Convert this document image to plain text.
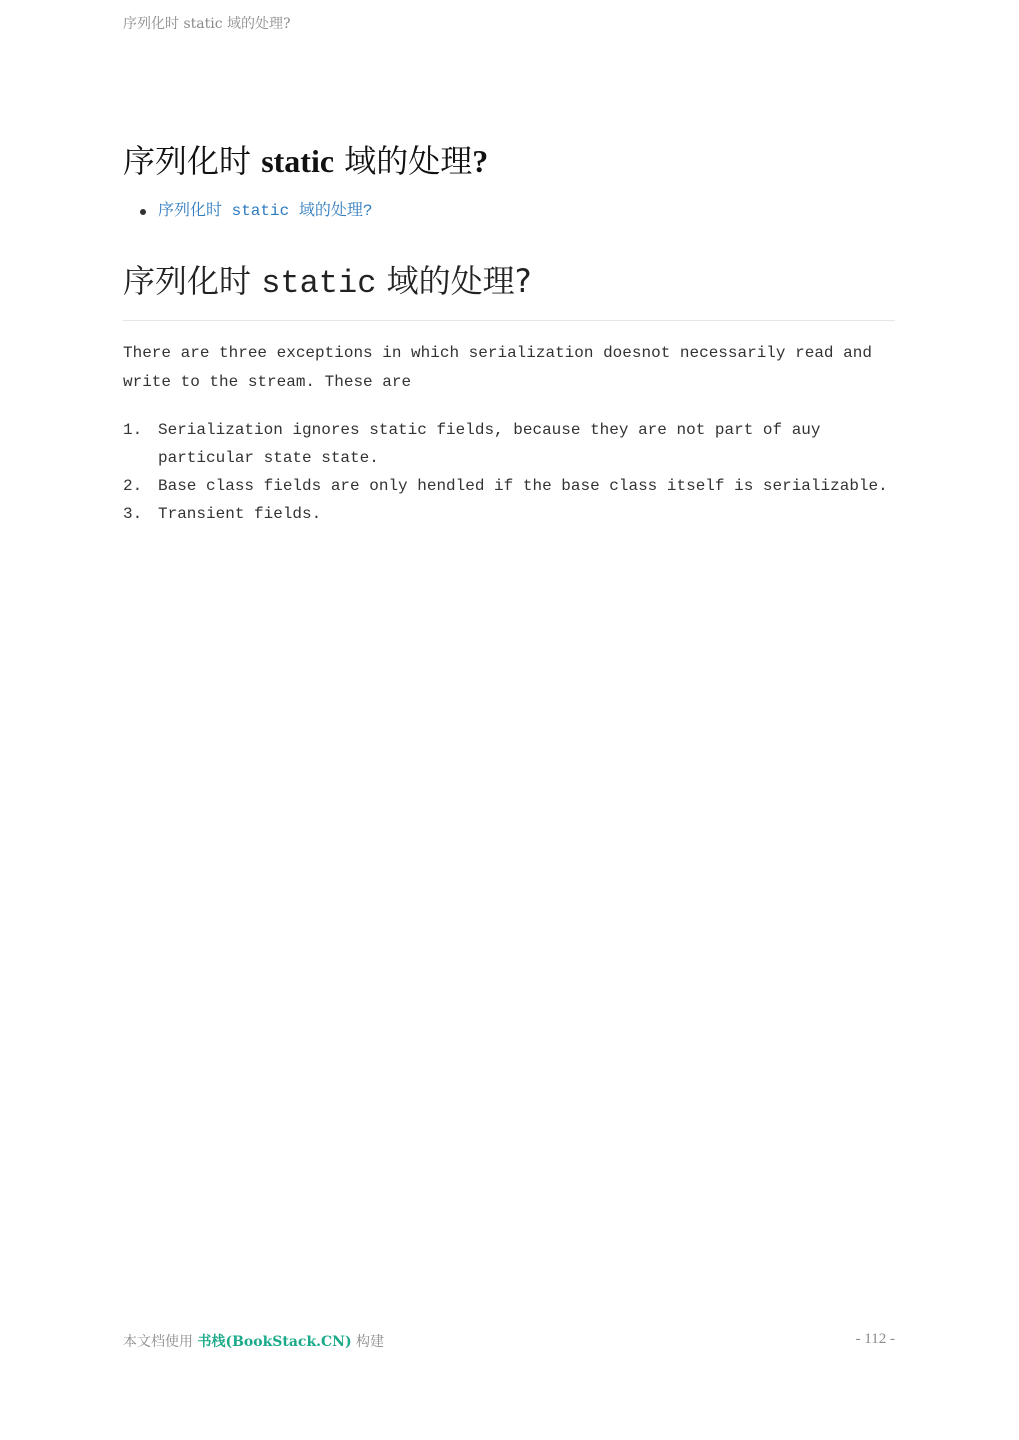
序列化时 static 域的处理?
序列化时 static 域的处理?
序列化时 static 域的处理?
序列化时 static 域的处理?

There are three exceptions in which serialization doesnot necessarily read and write to the stream. These are

1. Serialization ignores static fields, because they are not part of auy particular state state.
2. Base class fields are only hendled if the base class itself is serializable.
3. Transient fields.
本文档使用 书栈(BookStack.CN) 构建	- 112 -
